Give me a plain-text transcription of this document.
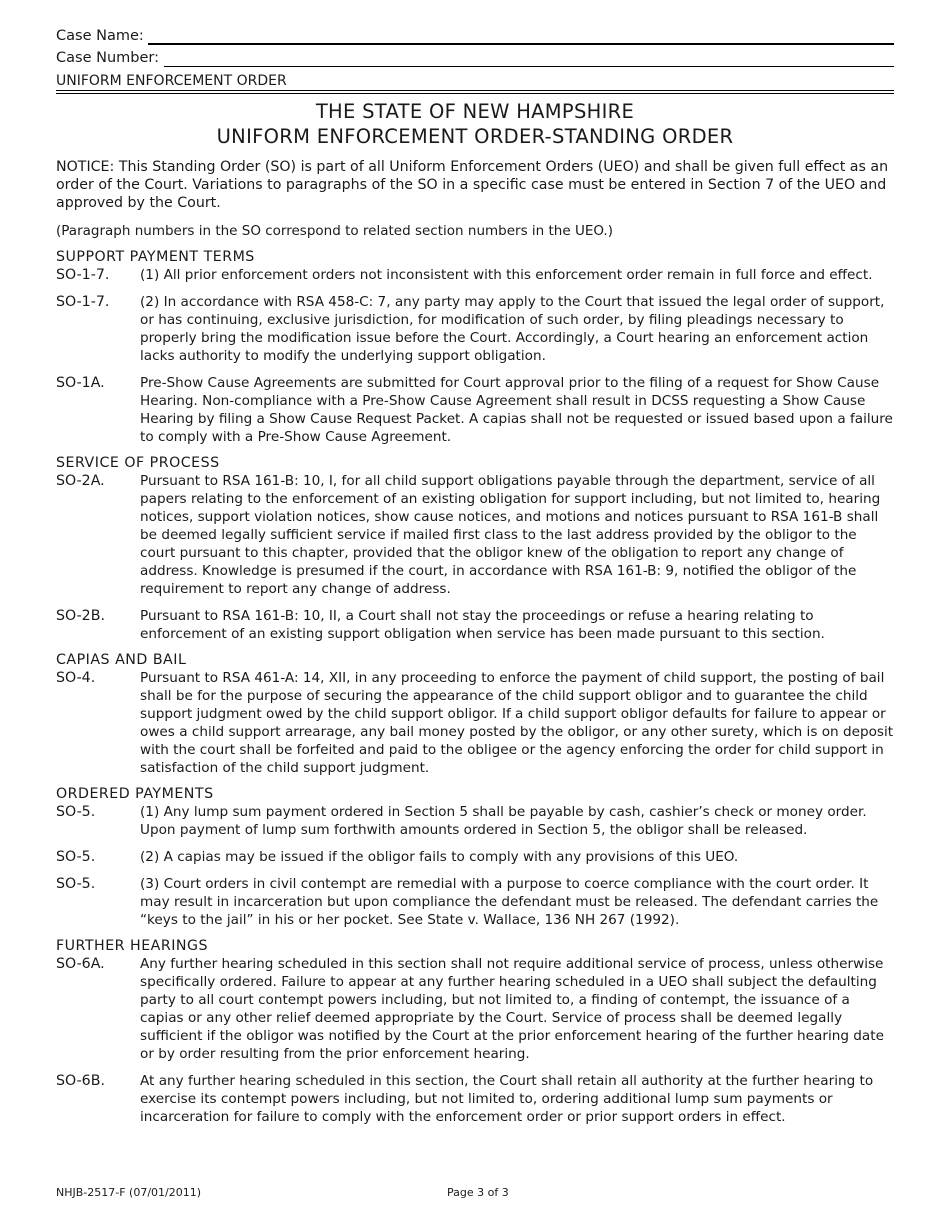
Case Name:
Case Number:
UNIFORM ENFORCEMENT ORDER
THE STATE OF NEW HAMPSHIRE
UNIFORM ENFORCEMENT ORDER-STANDING ORDER

NOTICE: This Standing Order (SO) is part of all Uniform Enforcement Orders (UEO) and shall be given full effect as an order of the Court. Variations to paragraphs of the SO in a specific case must be entered in Section 7 of the UEO and approved by the Court.

(Paragraph numbers in the SO correspond to related section numbers in the UEO.)

SUPPORT PAYMENT TERMS

SO-1-7.	(1) All prior enforcement orders not inconsistent with this enforcement order remain in full force and effect.
SO-1-7.	(2) In accordance with RSA 458-C: 7, any party may apply to the Court that issued the legal order of support, or has continuing, exclusive jurisdiction, for modification of such order, by filing pleadings necessary to properly bring the modification issue before the Court. Accordingly, a Court hearing an enforcement action lacks authority to modify the underlying support obligation.
SO-1A.	Pre-Show Cause Agreements are submitted for Court approval prior to the filing of a request for Show Cause Hearing. Non-compliance with a Pre-Show Cause Agreement shall result in DCSS requesting a Show Cause Hearing by filing a Show Cause Request Packet. A capias shall not be requested or issued based upon a failure to comply with a Pre-Show Cause Agreement.

SERVICE OF PROCESS

SO-2A.	Pursuant to RSA 161-B: 10, I, for all child support obligations payable through the department, service of all papers relating to the enforcement of an existing obligation for support including, but not limited to, hearing notices, support violation notices, show cause notices, and motions and notices pursuant to RSA 161-B shall be deemed legally sufficient service if mailed first class to the last address provided by the obligor to the court pursuant to this chapter, provided that the obligor knew of the obligation to report any change of address. Knowledge is presumed if the court, in accordance with RSA 161-B: 9, notified the obligor of the requirement to report any change of address.
SO-2B.	Pursuant to RSA 161-B: 10, II, a Court shall not stay the proceedings or refuse a hearing relating to enforcement of an existing support obligation when service has been made pursuant to this section.

CAPIAS AND BAIL

SO-4.	Pursuant to RSA 461-A: 14, XII, in any proceeding to enforce the payment of child support, the posting of bail shall be for the purpose of securing the appearance of the child support obligor and to guarantee the child support judgment owed by the child support obligor. If a child support obligor defaults for failure to appear or owes a child support arrearage, any bail money posted by the obligor, or any other surety, which is on deposit with the court shall be forfeited and paid to the obligee or the agency enforcing the order for child support in satisfaction of the child support judgment.

ORDERED PAYMENTS

SO-5.	(1) Any lump sum payment ordered in Section 5 shall be payable by cash, cashier’s check or money order. Upon payment of lump sum forthwith amounts ordered in Section 5, the obligor shall be released.
SO-5.	(2) A capias may be issued if the obligor fails to comply with any provisions of this UEO.
SO-5.	(3) Court orders in civil contempt are remedial with a purpose to coerce compliance with the court order. It may result in incarceration but upon compliance the defendant must be released. The defendant carries the “keys to the jail” in his or her pocket. See State v. Wallace, 136 NH 267 (1992).

FURTHER HEARINGS

SO-6A.	Any further hearing scheduled in this section shall not require additional service of process, unless otherwise specifically ordered. Failure to appear at any further hearing scheduled in a UEO shall subject the defaulting party to all court contempt powers including, but not limited to, a finding of contempt, the issuance of a capias or any other relief deemed appropriate by the Court. Service of process shall be deemed legally sufficient if the obligor was notified by the Court at the prior enforcement hearing of the further hearing date or by order resulting from the prior enforcement hearing.
SO-6B.	At any further hearing scheduled in this section, the Court shall retain all authority at the further hearing to exercise its contempt powers including, but not limited to, ordering additional lump sum payments or incarceration for failure to comply with the enforcement order or prior support orders in effect.
NHJB-2517-F (07/01/2011)	Page 3 of 3
